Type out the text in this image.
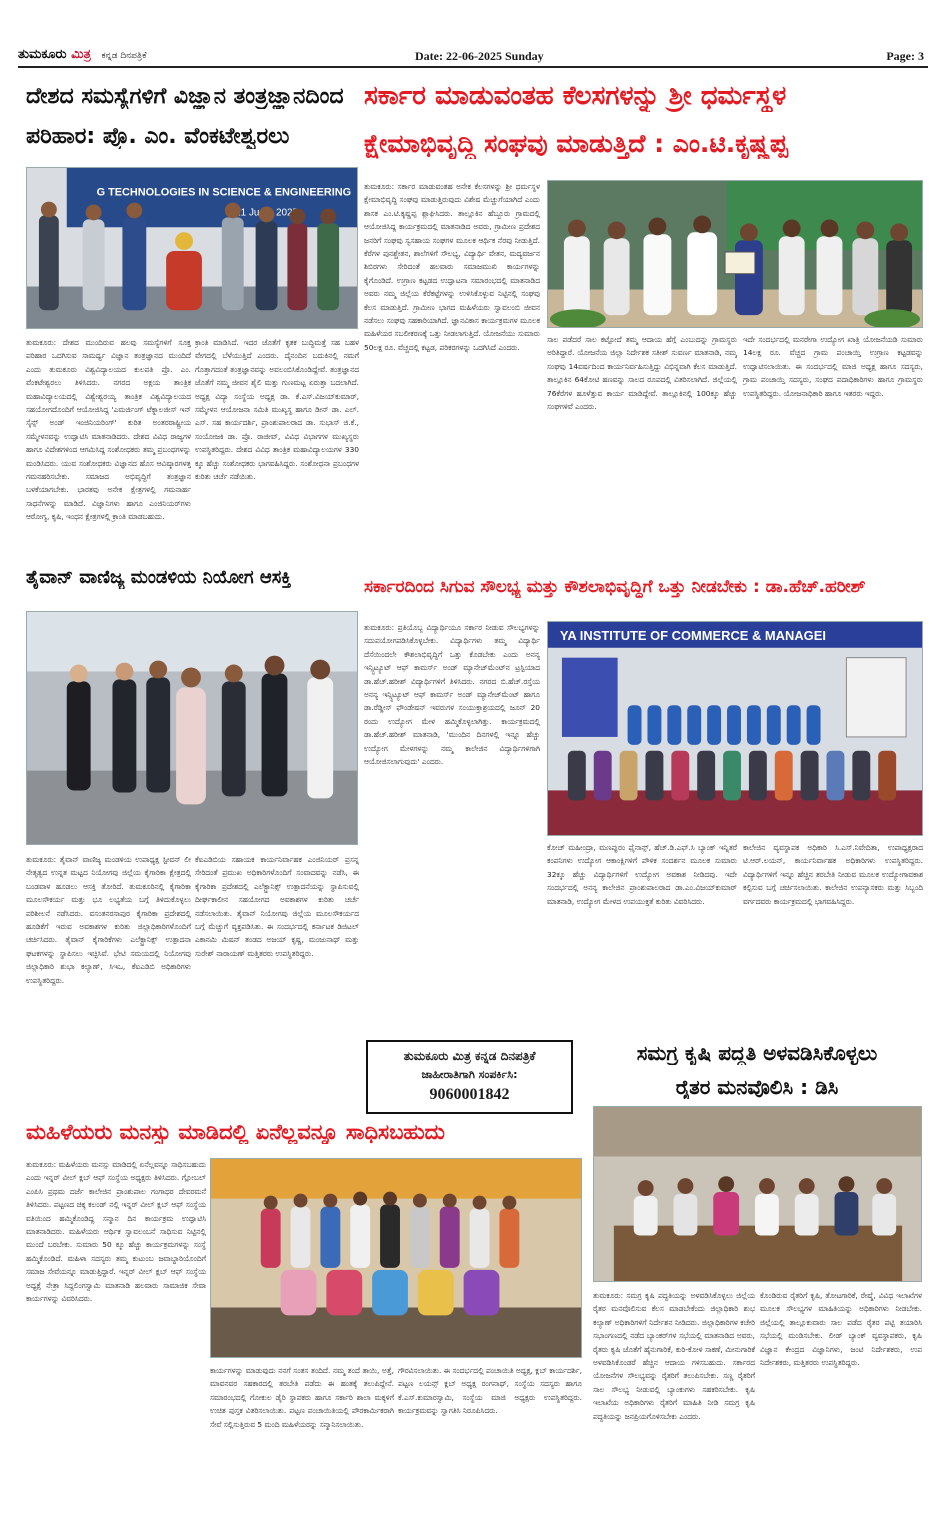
ತುಮಕೂರು ಮಿತ್ರ ಕನ್ನಡ ದಿನಪತ್ರಿಕೆ	Date: 22-06-2025 Sunday	Page: 3
ದೇಶದ ಸಮಸ್ಯೆಗಳಿಗೆ ವಿಜ್ಞಾನ ತಂತ್ರಜ್ಞಾನದಿಂದ
ಪರಿಹಾರ: ಪ್ರೊ. ಎಂ. ವೆಂಕಟೇಶ್ವರಲು
G TECHNOLOGIES IN SCIENCE & ENGINEERING
21 2025
ತುಮಕೂರು: ದೇಶದ ಮುಂದಿರುವ ಹಲವು ಸಮಸ್ಯೆಗಳಿಗೆ ಸೂಕ್ತ ಪರಿಹಾರ ಒದಗಿಸುವ ಸಾಮರ್ಥ್ಯ ವಿಜ್ಞಾನ ತಂತ್ರಜ್ಞಾನದ ಮುಂದಿದೆ ಎಂದು ತುಮಕೂರು ವಿಶ್ವವಿದ್ಯಾಲಯದ ಕುಲಪತಿ ಪ್ರೊ. ಎಂ. ವೆಂಕಟೇಶ್ವರಲು ತಿಳಿಸಿದರು. ನಗರದ ಅಕ್ಷಯ ತಾಂತ್ರಿಕ ಮಹಾವಿದ್ಯಾಲಯದಲ್ಲಿ ವಿಶ್ವೇಶ್ವರಯ್ಯ ತಾಂತ್ರಿಕ ವಿಶ್ವವಿದ್ಯಾಲಯದ ಸಹಯೋಗದೊಂದಿಗೆ ಆಯೋಜಿಸಿದ್ದ 'ಎಮರ್ಜಿಂಗ್ ಟೆಕ್ನಾಲಜೀಸ್ ಇನ್ ಸೈನ್ಸ್ ಅಂಡ್ ಇಂಜಿನಿಯರಿಂಗ್' ಕುರಿತ ಅಂತರರಾಷ್ಟ್ರೀಯ ಸಮ್ಮೇಳನವನ್ನು ಉದ್ಘಾಟಿಸಿ ಮಾತನಾಡಿದರು. ದೇಶದ ವಿವಿಧ ರಾಜ್ಯಗಳ ಹಾಗೂ ವಿದೇಶಗಳಿಂದ ಆಗಮಿಸಿದ್ದ ಸಂಶೋಧಕರು ತಮ್ಮ ಪ್ರಬಂಧಗಳನ್ನು ಮಂಡಿಸಿದರು. ಯುವ ಸಂಶೋಧಕರು ವಿಜ್ಞಾನದ ಹೊಸ ಆವಿಷ್ಕಾರಗಳತ್ತ ಗಮನಹರಿಸಬೇಕು. ಸಮಾಜದ ಅಭಿವೃದ್ಧಿಗೆ ತಂತ್ರಜ್ಞಾನ ಬಳಕೆಯಾಗಬೇಕು. ಭಾರತವು ಅನೇಕ ಕ್ಷೇತ್ರಗಳಲ್ಲಿ ಗಮನಾರ್ಹ ಸಾಧನೆಗಳನ್ನು ಮಾಡಿದೆ. ವಿಜ್ಞಾನಿಗಳು ಹಾಗೂ ಎಂಜಿನಿಯರ್‌ಗಳು ಆರೋಗ್ಯ, ಕೃಷಿ, ಇಂಧನ ಕ್ಷೇತ್ರಗಳಲ್ಲಿ ಕ್ರಾಂತಿ ಮಾಡಬಹುದು.
ಕ್ರಾಂತಿ ಮಾಡಿಸಿದೆ. ಇದರ ಜೊತೆಗೆ ಕೃತಕ ಬುದ್ಧಿಮತ್ತೆ ಸಹ ಬಹಳ ವೇಗದಲ್ಲಿ ಬೆಳೆಯುತ್ತಿದೆ ಎಂದರು. ದೈನಂದಿನ ಬದುಕಿನಲ್ಲಿ ನಮಗೆ ಗೊತ್ತಾಗದಂತೆ ತಂತ್ರಜ್ಞಾನವನ್ನು ಅವಲಂಬಿಸಿಕೊಂಡಿದ್ದೇವೆ. ತಂತ್ರಜ್ಞಾನದ ಜೊತೆಗೆ ನಮ್ಮ ಜೀವನ ಶೈಲಿ ಮತ್ತು ಗುಣಮಟ್ಟ ಏರುತ್ತಾ ಬದಲಾಗಿದೆ. ಅಧ್ಯಕ್ಷ ವಿದ್ಯಾ ಸಂಸ್ಥೆಯ ಅಧ್ಯಕ್ಷ ಡಾ. ಕೆ.ಎಸ್.ವಿಜಯ್‌ಕುಮಾರ್, ಸಮ್ಮೇಳನ ಆಯೋಜನಾ ಸಮಿತಿ ಮುಖ್ಯಸ್ಥ ಹಾಗೂ ಡೀನ್ ಡಾ. ಎಲ್. ಎಸ್. ಸಹ ಕಾರ್ಯದರ್ಶಿ, ಪ್ರಾಂಶುಪಾಲರಾದ ಡಾ. ಸುಭಾಸ್ ಜಿ.ಕೆ., ಸಂಯೋಜಕಿ ಡಾ. ಪ್ರೊ. ರಾಜೀವ್, ವಿವಿಧ ವಿಭಾಗಗಳ ಮುಖ್ಯಸ್ಥರು ಉಪಸ್ಥಿತರಿದ್ದರು. ದೇಶದ ವಿವಿಧ ತಾಂತ್ರಿಕ ಮಹಾವಿದ್ಯಾಲಯಗಳ 330 ಕ್ಕೂ ಹೆಚ್ಚು ಸಂಶೋಧಕರು ಭಾಗವಹಿಸಿದ್ದರು. ಸಂಶೋಧನಾ ಪ್ರಬಂಧಗಳ ಕುರಿತು ಚರ್ಚೆ ನಡೆಯಿತು.
ಸರ್ಕಾರ ಮಾಡುವಂತಹ ಕೆಲಸಗಳನ್ನು ಶ್ರೀ ಧರ್ಮಸ್ಥಳ
ಕ್ಷೇಮಾಭಿವೃದ್ಧಿ ಸಂಘವು ಮಾಡುತ್ತಿದೆ : ಎಂ.ಟಿ.ಕೃಷ್ಣಪ್ಪ
ತುಮಕೂರು: ಸರ್ಕಾರ ಮಾಡುವಂತಹ ಅನೇಕ ಕೆಲಸಗಳನ್ನು ಶ್ರೀ ಧರ್ಮಸ್ಥಳ ಕ್ಷೇಮಾಭಿವೃದ್ಧಿ ಸಂಘವು ಮಾಡುತ್ತಿರುವುದು ವಿಶೇಷ ಮೆಚ್ಚುಗೆಯಾಗಿದೆ ಎಂದು ಶಾಸಕ ಎಂ.ಟಿ.ಕೃಷ್ಣಪ್ಪ ಶ್ಲಾಘಿಸಿದರು. ತಾಲ್ಲೂಕಿನ ಹೆಬ್ಬೂರು ಗ್ರಾಮದಲ್ಲಿ ಆಯೋಜಿಸಿದ್ದ ಕಾರ್ಯಕ್ರಮದಲ್ಲಿ ಮಾತನಾಡಿದ ಅವರು, ಗ್ರಾಮೀಣ ಪ್ರದೇಶದ ಜನರಿಗೆ ಸಂಘವು ಸ್ವಸಹಾಯ ಸಂಘಗಳ ಮೂಲಕ ಆರ್ಥಿಕ ನೆರವು ನೀಡುತ್ತಿದೆ. ಕೆರೆಗಳ ಪುನಶ್ಚೇತನ, ಶಾಲೆಗಳಿಗೆ ಸೌಲಭ್ಯ, ವಿದ್ಯಾರ್ಥಿ ವೇತನ, ಮದ್ಯವರ್ಜನ ಶಿಬಿರಗಳು ಸೇರಿದಂತೆ ಹಲವಾರು ಸಮಾಜಮುಖಿ ಕಾರ್ಯಗಳನ್ನು ಕೈಗೊಂಡಿದೆ. ಉಗ್ರಾಣ ಕಟ್ಟಡದ ಉದ್ಘಾಟನಾ ಸಮಾರಂಭದಲ್ಲಿ ಮಾತನಾಡಿದ ಅವರು ನಮ್ಮ ಜಿಲ್ಲೆಯ ಕೆರೆಕಟ್ಟೆಗಳನ್ನು ಉಳಿಸಿಕೊಳ್ಳುವ ನಿಟ್ಟಿನಲ್ಲಿ ಸಂಘವು ಕೆಲಸ ಮಾಡುತ್ತಿದೆ. ಗ್ರಾಮೀಣ ಭಾಗದ ಮಹಿಳೆಯರು ಸ್ವಾವಲಂಬಿ ಜೀವನ ನಡೆಸಲು ಸಂಘವು ಸಹಕಾರಿಯಾಗಿದೆ. ಜ್ಞಾನವಿಕಾಸ ಕಾರ್ಯಕ್ರಮಗಳ ಮೂಲಕ ಮಹಿಳೆಯರ ಸಬಲೀಕರಣಕ್ಕೆ ಒತ್ತು ನೀಡಲಾಗುತ್ತಿದೆ. ಯೋಜನೆಯು ಸುಮಾರು 50ಲಕ್ಷ ರೂ. ವೆಚ್ಚದಲ್ಲಿ ಕಟ್ಟಡ, ಪರಿಕರಗಳನ್ನು ಒದಗಿಸಿದೆ ಎಂದರು.
ಸಾಲ ಪಡೆದರೆ ಸಾಲ ಕಟ್ಟೋದೆ ತಮ್ಮ ಆದಾಯ ಹೆಗ್ಗೆ ಎಂಬುದನ್ನು ಗ್ರಾಮಸ್ಥರು ಅರಿತಿದ್ದಾರೆ. ಯೋಜನೆಯ ಜಿಲ್ಲಾ ನಿರ್ದೇಶಕ ಸತೀಶ್ ಸುವರ್ಣ ಮಾತನಾಡಿ, ನಮ್ಮ ಸಂಘವು 14ವರ್ಷದಿಂದ ಕಾರ್ಯನಿರ್ವಹಿಸುತ್ತಿದ್ದು ವಿಭಿನ್ನವಾಗಿ ಕೆಲಸ ಮಾಡುತ್ತಿದೆ. ತಾಲ್ಲೂಕಿನ 64ಕೋಟಿ ಹಣವನ್ನು ಸಾಲದ ರೂಪದಲ್ಲಿ ವಿತರಿಸಲಾಗಿದೆ. ಜಿಲ್ಲೆಯಲ್ಲಿ 76ಕೆರೆಗಳ ಹೂಳೆತ್ತುವ ಕಾರ್ಯ ಮಾಡಿದ್ದೇವೆ. ತಾಲ್ಲೂಕಿನಲ್ಲಿ 100ಕ್ಕೂ ಹೆಚ್ಚು ಸಂಘಗಳಿವೆ ಎಂದರು.
ಇದೇ ಸಂದರ್ಭದಲ್ಲಿ ಮನರೇಗಾ ಉದ್ಯೋಗ ಖಾತ್ರಿ ಯೋಜನೆಯಡಿ ಸುಮಾರು 14ಲಕ್ಷ ರೂ. ವೆಚ್ಚದ ಗ್ರಾಮ ಪಂಚಾಯ್ತಿ ಉಗ್ರಾಣ ಕಟ್ಟಡವನ್ನು ಉದ್ಘಾಟಿಸಲಾಯಿತು. ಈ ಸಂದರ್ಭದಲ್ಲಿ ಮಾಜಿ ಅಧ್ಯಕ್ಷ ಹಾಗೂ ಸದಸ್ಯರು, ಗ್ರಾಮ ಪಂಚಾಯ್ತಿ ಸದಸ್ಯರು, ಸಂಘದ ಪದಾಧಿಕಾರಿಗಳು ಹಾಗೂ ಗ್ರಾಮಸ್ಥರು ಉಪಸ್ಥಿತರಿದ್ದರು. ಯೋಜನಾಧಿಕಾರಿ ಹಾಗೂ ಇತರರು ಇದ್ದರು.
ತೈವಾನ್ ವಾಣಿಜ್ಯ ಮಂಡಳಿಯ ನಿಯೋಗ ಆಸಕ್ತಿ
ತುಮಕೂರು: ತೈವಾನ್ ವಾಣಿಜ್ಯ ಮಂಡಳಿಯ ಉಪಾಧ್ಯಕ್ಷ ಸ್ಟೀವನ್ ಲೀ ನೇತೃತ್ವದ ಉನ್ನತ ಮಟ್ಟದ ನಿಯೋಗವು ಜಿಲ್ಲೆಯ ಕೈಗಾರಿಕಾ ಕ್ಷೇತ್ರದಲ್ಲಿ ಬಂಡವಾಳ ಹೂಡಲು ಆಸಕ್ತಿ ತೋರಿದೆ. ತುಮಕೂರಿನಲ್ಲಿ ಕೈಗಾರಿಕಾ ಮೂಲಸೌಕರ್ಯ ಮತ್ತು ಭೂ ಲಭ್ಯತೆಯ ಬಗ್ಗೆ ತಿಳಿದುಕೊಳ್ಳಲು ಪರಿಶೀಲನೆ ನಡೆಸಿದರು. ವಸಂತನರಸಾಪುರ ಕೈಗಾರಿಕಾ ಪ್ರದೇಶದಲ್ಲಿ ಹೂಡಿಕೆಗೆ ಇರುವ ಅವಕಾಶಗಳ ಕುರಿತು ಜಿಲ್ಲಾಧಿಕಾರಿಗಳೊಂದಿಗೆ ಚರ್ಚಿಸಿದರು. ತೈವಾನ್ ಕೈಗಾರಿಕೆಗಳು ಎಲೆಕ್ಟ್ರಾನಿಕ್ಸ್ ಉತ್ಪಾದನಾ ಘಟಕಗಳನ್ನು ಸ್ಥಾಪಿಸಲು ಇಚ್ಛಿಸಿವೆ. ಭೇಟಿ ಸಮಯದಲ್ಲಿ ನಿಯೋಗವು ಜಿಲ್ಲಾಧಿಕಾರಿ ಶುಭಾ ಕಲ್ಯಾಣ್, ಸಿಇಒ, ಕೆಐಎಡಿಬಿ ಅಧಿಕಾರಿಗಳು ಉಪಸ್ಥಿತರಿದ್ದರು.
ಕೆಐಎಡಿಬಿಯ ಸಹಾಯಕ ಕಾರ್ಯನಿರ್ವಾಹಕ ಎಂಜಿನಿಯರ್ ಪ್ರಸನ್ನ ಸೇರಿದಂತೆ ಪ್ರಮುಖ ಅಧಿಕಾರಿಗಳೊಂದಿಗೆ ಸಂವಾದವನ್ನು ನಡೆಸಿ, ಈ ಕೈಗಾರಿಕಾ ಪ್ರದೇಶದಲ್ಲಿ ಎಲೆಕ್ಟ್ರಾನಿಕ್ಸ್ ಉತ್ಪಾದನೆಯನ್ನು ಸ್ಥಾಪಿಸುವಲ್ಲಿ ದೀರ್ಘಕಾಲೀನ ಸಹಯೋಗದ ಅವಕಾಶಗಳ ಕುರಿತು ಚರ್ಚೆ ನಡೆಸಲಾಯಿತು. ತೈವಾನ್ ನಿಯೋಗವು ಜಿಲ್ಲೆಯ ಮೂಲಸೌಕರ್ಯದ ಬಗ್ಗೆ ಮೆಚ್ಚುಗೆ ವ್ಯಕ್ತಪಡಿಸಿತು. ಈ ಸಂದರ್ಭದಲ್ಲಿ ಕರ್ನಾಟಕ ಡಿಜಿಟಲ್ ಎಕಾನಮಿ ಮಿಷನ್ ತಂಡದ ಅಜಯ್ ಕೃಷ್ಣ, ಮಂಜುನಾಥ್ ಮತ್ತು ಸುರೇಶ್ ನಾರಾಯಣ್ ಮತ್ತಿತರರು ಉಪಸ್ಥಿತರಿದ್ದರು.
ಸರ್ಕಾರದಿಂದ ಸಿಗುವ ಸೌಲಭ್ಯ ಮತ್ತು ಕೌಶಲಾಭಿವೃದ್ಧಿಗೆ ಒತ್ತು ನೀಡಬೇಕು : ಡಾ.ಹೆಚ್.ಹರೀಶ್
ತುಮಕೂರು: ಪ್ರತಿಯೊಬ್ಬ ವಿದ್ಯಾರ್ಥಿಯೂ ಸರ್ಕಾರ ನೀಡುವ ಸೌಲಭ್ಯಗಳನ್ನು ಸದುಪಯೋಗಪಡಿಸಿಕೊಳ್ಳಬೇಕು. ವಿದ್ಯಾರ್ಥಿಗಳು ತಮ್ಮ ವಿದ್ಯಾರ್ಥಿ ದೆಸೆಯಿಂದಲೇ ಕೌಶಲಾಭಿವೃದ್ಧಿಗೆ ಒತ್ತು ಕೊಡಬೇಕು ಎಂದು ಅನನ್ಯ ಇನ್ಸ್ಟಿಟ್ಯೂಟ್ ಆಫ್ ಕಾಮರ್ಸ್ ಅಂಡ್ ಮ್ಯಾನೇಜ್‌ಮೆಂಟ್‌ನ ಟ್ರಸ್ಟಿಯಾದ ಡಾ.ಹೆಚ್.ಹರೀಶ್ ವಿದ್ಯಾರ್ಥಿಗಳಿಗೆ ತಿಳಿಸಿದರು. ನಗರದ ಬಿ.ಹೆಚ್.ರಸ್ತೆಯ ಅನನ್ಯ ಇನ್ಸ್ಟಿಟ್ಯೂಟ್ ಆಫ್ ಕಾಮರ್ಸ್ ಅಂಡ್ ಮ್ಯಾನೇಜ್‌ಮೆಂಟ್ ಹಾಗೂ ಡಾ.ರೆಡ್ಡೀಸ್ ಫೌಂಡೇಷನ್ ಇವರುಗಳ ಸಂಯುಕ್ತಾಶ್ರಯದಲ್ಲಿ ಜೂನ್ 20 ರಂದು ಉದ್ಯೋಗ ಮೇಳ ಹಮ್ಮಿಕೊಳ್ಳಲಾಗಿತ್ತು. ಕಾರ್ಯಕ್ರಮದಲ್ಲಿ ಡಾ.ಹೆಚ್.ಹರೀಶ್ ಮಾತನಾಡಿ, 'ಮುಂದಿನ ದಿನಗಳಲ್ಲಿ ಇನ್ನೂ ಹೆಚ್ಚು ಉದ್ಯೋಗ ಮೇಳಗಳನ್ನು ನಮ್ಮ ಕಾಲೇಜಿನ ವಿದ್ಯಾರ್ಥಿಗಳಿಗಾಗಿ ಆಯೋಜಿಸಲಾಗುವುದು' ಎಂದರು.
YA INSTITUTE OF COMMERCE & MANAGEI
ಕೋಚ್ ಮಹೀಂದ್ರಾ, ಮಣಪ್ಪುರಂ ಫೈನಾನ್ಸ್, ಹೆಚ್.ಡಿ.ಎಫ್.ಸಿ ಬ್ಯಾಂಕ್ ಇನ್ನಿತರೆ ಕಂಪನಿಗಳು ಉದ್ಯೋಗ ಆಕಾಂಕ್ಷಿಗಳಿಗೆ ಪೌಳಿಕ ಸಂದರ್ಶನ ಮೂಲಕ ಸುಮಾರು 32ಕ್ಕೂ ಹೆಚ್ಚು ವಿದ್ಯಾರ್ಥಿಗಳಿಗೆ ಉದ್ಯೋಗ ಅವಕಾಶ ನೀಡಿದವು. ಇದೇ ಸಂದರ್ಭದಲ್ಲಿ ಅನನ್ಯ ಕಾಲೇಜಿನ ಪ್ರಾಂಶುಪಾಲರಾದ ಡಾ.ಎಂ.ವಿಜಯ್‌ಕುಮಾರ್ ಮಾತನಾಡಿ, ಉದ್ಯೋಗ ಮೇಳದ ಉಪಯುಕ್ತತೆ ಕುರಿತು ವಿವರಿಸಿದರು.
ಕಾಲೇಜಿನ ವ್ಯವಸ್ಥಾಪಕ ಅಧಿಕಾರಿ ಸಿ.ಎಸ್.ನಿವೇದಿತಾ, ಉಪಾಧ್ಯಕ್ಷರಾದ ಟಿ.ಆರ್.ಲಯನ್, ಕಾರ್ಯನಿರ್ವಾಹಕ ಅಧಿಕಾರಿಗಳು ಉಪಸ್ಥಿತರಿದ್ದರು. ವಿದ್ಯಾರ್ಥಿಗಳಿಗೆ ಇನ್ನೂ ಹೆಚ್ಚಿನ ತರಬೇತಿ ನೀಡುವ ಮೂಲಕ ಉದ್ಯೋಗಾವಕಾಶ ಕಲ್ಪಿಸುವ ಬಗ್ಗೆ ಚರ್ಚಿಸಲಾಯಿತು. ಕಾಲೇಜಿನ ಉಪನ್ಯಾಸಕರು ಮತ್ತು ಸಿಬ್ಬಂದಿ ವರ್ಗದವರು ಕಾರ್ಯಕ್ರಮದಲ್ಲಿ ಭಾಗವಹಿಸಿದ್ದರು.
ತುಮಕೂರು ಮಿತ್ರ ಕನ್ನಡ ದಿನಪತ್ರಿಕೆ
ಜಾಹೀರಾತಿಗಾಗಿ ಸಂಪರ್ಕಿಸಿ:
9060001842
ಸಮಗ್ರ ಕೃಷಿ ಪದ್ಧತಿ ಅಳವಡಿಸಿಕೊಳ್ಳಲು
ರೈತರ ಮನವೊಲಿಸಿ : ಡಿಸಿ
ತುಮಕೂರು: ಸಮಗ್ರ ಕೃಷಿ ಪದ್ಧತಿಯನ್ನು ಅಳವಡಿಸಿಕೊಳ್ಳಲು ಜಿಲ್ಲೆಯ ರೈತರ ಮನವೊಲಿಸುವ ಕೆಲಸ ಮಾಡಬೇಕೆಂದು ಜಿಲ್ಲಾಧಿಕಾರಿ ಶುಭ ಕಲ್ಯಾಣ್ ಅಧಿಕಾರಿಗಳಿಗೆ ನಿರ್ದೇಶನ ನೀಡಿದರು. ಜಿಲ್ಲಾಧಿಕಾರಿಗಳ ಕಚೇರಿ ಸಭಾಂಗಣದಲ್ಲಿ ನಡೆದ ಬ್ಯಾಂಕರ್‌ಗಳ ಸಭೆಯಲ್ಲಿ ಮಾತನಾಡಿದ ಅವರು, ರೈತರು ಕೃಷಿ ಜೊತೆಗೆ ಹೈನುಗಾರಿಕೆ, ಕುರಿ-ಕೋಳಿ ಸಾಕಣೆ, ಮೀನುಗಾರಿಕೆ ಅಳವಡಿಸಿಕೊಂಡರೆ ಹೆಚ್ಚಿನ ಆದಾಯ ಗಳಿಸಬಹುದು. ಸರ್ಕಾರದ ಯೋಜನೆಗಳ ಸೌಲಭ್ಯವನ್ನು ರೈತರಿಗೆ ತಲುಪಿಸಬೇಕು. ಸಣ್ಣ ರೈತರಿಗೆ ಸಾಲ ಸೌಲಭ್ಯ ನೀಡುವಲ್ಲಿ ಬ್ಯಾಂಕುಗಳು ಸಹಕರಿಸಬೇಕು. ಕೃಷಿ ಇಲಾಖೆಯ ಅಧಿಕಾರಿಗಳು ರೈತರಿಗೆ ಮಾಹಿತಿ ನೀಡಿ ಸಮಗ್ರ ಕೃಷಿ ಪದ್ಧತಿಯನ್ನು ಜನಪ್ರಿಯಗೊಳಿಸಬೇಕು ಎಂದರು.
ಕೊಂಡಿರುವ ರೈತರಿಗೆ ಕೃಷಿ, ತೋಟಗಾರಿಕೆ, ರೇಷ್ಮೆ, ವಿವಿಧ ಇಲಾಖೆಗಳ ಮೂಲಕ ಸೌಲಭ್ಯಗಳ ಮಾಹಿತಿಯನ್ನು ಅಧಿಕಾರಿಗಳು ನೀಡಬೇಕು. ಜಿಲ್ಲೆಯಲ್ಲಿ ತಾಲ್ಲೂಕುವಾರು ಸಾಲ ಪಡೆದ ರೈತರ ಪಟ್ಟಿ ತಯಾರಿಸಿ ಸಭೆಯಲ್ಲಿ ಮಂಡಿಸಬೇಕು. ಲೀಡ್ ಬ್ಯಾಂಕ್ ವ್ಯವಸ್ಥಾಪಕರು, ಕೃಷಿ ವಿಜ್ಞಾನ ಕೇಂದ್ರದ ವಿಜ್ಞಾನಿಗಳು, ಜಂಟಿ ನಿರ್ದೇಶಕರು, ಉಪ ನಿರ್ದೇಶಕರು, ಮತ್ತಿತರರು ಉಪಸ್ಥಿತರಿದ್ದರು.
ಮಹಿಳೆಯರು ಮನಸ್ಸು ಮಾಡಿದಲ್ಲಿ ಏನೆಲ್ಲವನ್ನೂ ಸಾಧಿಸಬಹುದು
ತುಮಕೂರು: ಮಹಿಳೆಯರು ಮನಸ್ಸು ಮಾಡಿದಲ್ಲಿ ಏನೆಲ್ಲವನ್ನೂ ಸಾಧಿಸಬಹುದು ಎಂದು ಇನ್ನರ್ ವೀಲ್ ಕ್ಲಬ್ ಆಫ್ ಸಂಸ್ಥೆಯ ಅಧ್ಯಕ್ಷರು ತಿಳಿಸಿದರು. ಗ್ಲೋಬಲ್ ಎಂಪಿಸಿ ಪ್ರಥಮ ದರ್ಜೆ ಕಾಲೇಜಿನ ಪ್ರಾಂಶುಪಾಲ ಗಂಗಾಧರ ದೇವರಮನೆ ತಿಳಿಸಿದರು. ಪಟ್ಟಣದ ಚಿಕ್ಕ ಕಲಂಡ್ ನಲ್ಲಿ ಇನ್ನರ್ ವೀಲ್ ಕ್ಲಬ್ ಆಫ್ ಸಂಸ್ಥೆಯ ವತಿಯಿಂದ ಹಮ್ಮಿಕೊಂಡಿದ್ದ ಸನ್ಮಾನ ದಿನ ಕಾರ್ಯಕ್ರಮ ಉದ್ಘಾಟಿಸಿ ಮಾತನಾಡಿದರು. ಮಹಿಳೆಯರು ಆರ್ಥಿಕ ಸ್ವಾವಲಂಬನೆ ಸಾಧಿಸುವ ನಿಟ್ಟಿನಲ್ಲಿ ಮುಂದೆ ಬರಬೇಕು. ಸುಮಾರು 50 ಕ್ಕೂ ಹೆಚ್ಚು ಕಾರ್ಯಕ್ರಮಗಳನ್ನು ಸಂಸ್ಥೆ ಹಮ್ಮಿಕೊಂಡಿದೆ. ಮಹಿಳಾ ಸದಸ್ಯರು ತಮ್ಮ ಕುಟುಂಬ ಜವಾಬ್ದಾರಿಯೊಂದಿಗೆ ಸಮಾಜ ಸೇವೆಯನ್ನೂ ಮಾಡುತ್ತಿದ್ದಾರೆ. ಇನ್ನರ್ ವೀಲ್ ಕ್ಲಬ್ ಆಫ್ ಸಂಸ್ಥೆಯ ಅಧ್ಯಕ್ಷೆ ನೇತ್ರಾ ಸಿದ್ದಲಿಂಗಸ್ವಾಮಿ ಮಾತನಾಡಿ ಹಲವಾರು ಸಾಮಾಜಿಕ ಸೇವಾ ಕಾರ್ಯಗಳನ್ನು ವಿವರಿಸಿದರು.
ಕಾರ್ಯಗಳನ್ನು ಮಾಡುವುದು ನನಗೆ ಸಂತಸ ತಂದಿದೆ. ನಮ್ಮ ತಂದೆ ತಾಯಿ, ಅತ್ತೆ, ಮಾವನವರ ಸಹಕಾರದಲ್ಲಿ ತರಬೇತಿ ಪಡೆದು ಈ ಹಂತಕ್ಕೆ ತಲುಪಿದ್ದೇನೆ. ಸಮಾರಂಭದಲ್ಲಿ ಗೋಕುಲ ಡೈರಿ ಸ್ಥಾಪಕರು ಹಾಗೂ ಸರ್ಕಾರಿ ಶಾಲಾ ಮಕ್ಕಳಿಗೆ ಉಚಿತ ಪುಸ್ತಕ ವಿತರಿಸಲಾಯಿತು. ಪಟ್ಟಣ ಪಂಚಾಯಿತಿಯಲ್ಲಿ ಪೌರಕಾರ್ಮಿಕರಾಗಿ ಸೇವೆ ಸಲ್ಲಿಸುತ್ತಿರುವ 5 ಮಂದಿ ಮಹಿಳೆಯರನ್ನು ಸನ್ಮಾನಿಸಲಾಯಿತು.
ಗೌರವಿಸಲಾಯಿತು. ಈ ಸಂದರ್ಭದಲ್ಲಿ ಪಂಚಾಯಿತಿ ಅಧ್ಯಕ್ಷ, ಕ್ಲಬ್ ಕಾರ್ಯದರ್ಶಿ, ಪಟ್ಟಣ ಲಯನ್ಸ್ ಕ್ಲಬ್ ಅಧ್ಯಕ್ಷ ರಂಗನಾಥ್, ಸಂಸ್ಥೆಯ ಸದಸ್ಯರು ಹಾಗೂ ಕೆ.ಎಸ್.ಕುಮಾರಸ್ವಾಮಿ, ಸಂಸ್ಥೆಯ ಮಾಜಿ ಅಧ್ಯಕ್ಷರು ಉಪಸ್ಥಿತರಿದ್ದರು. ಕಾರ್ಯಕ್ರಮವನ್ನು ಸ್ವಾಗತಿಸಿ ನಿರೂಪಿಸಿದರು.
